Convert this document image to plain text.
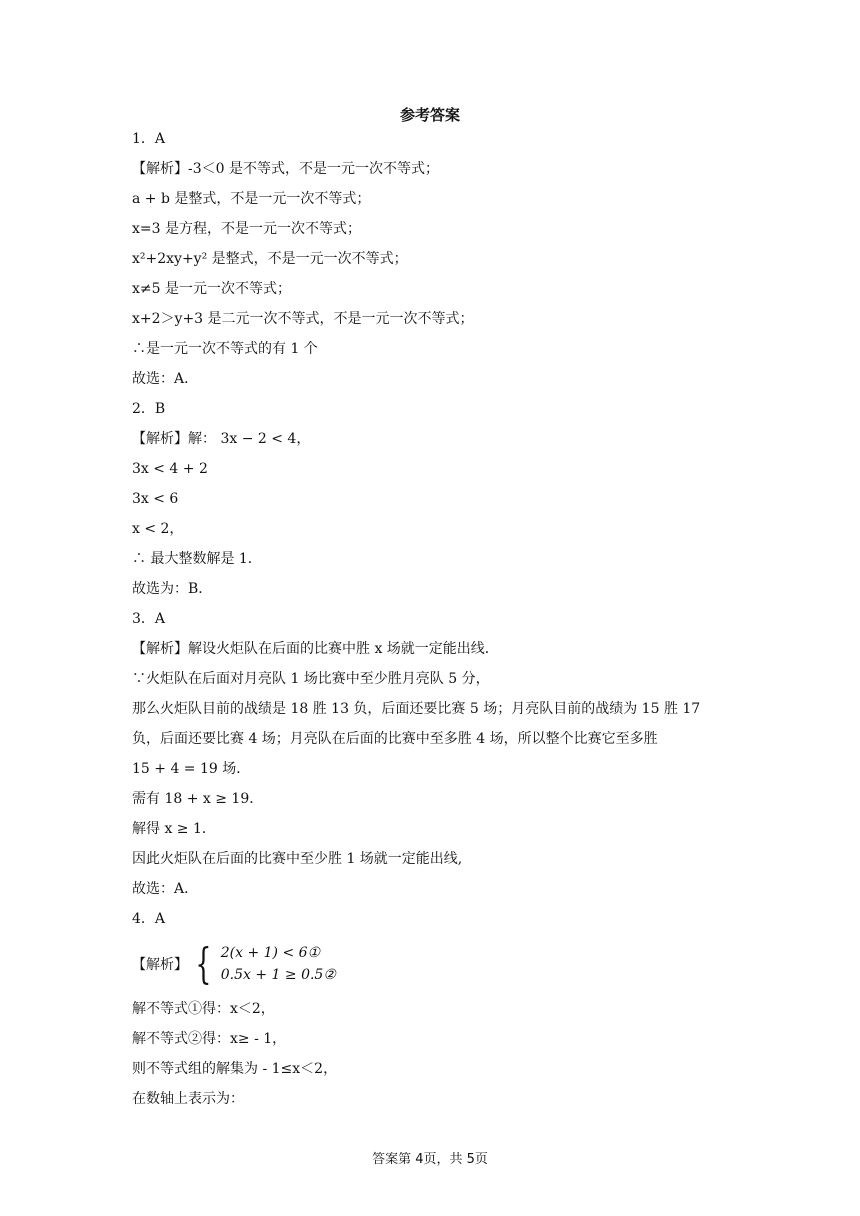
参考答案
1．A
【解析】-3＜0 是不等式，不是一元一次不等式；
a + b 是整式，不是一元一次不等式；
x=3 是方程，不是一元一次不等式；
x²+2xy+y² 是整式，不是一元一次不等式；
x≠5 是一元一次不等式；
x+2＞y+3 是二元一次不等式，不是一元一次不等式；
∴是一元一次不等式的有 1 个
故选：A．
2．B
【解析】解： 3x − 2 < 4，
3x < 4 + 2
3x < 6
x < 2，
∴ 最大整数解是 1．
故选为：B．
3．A
【解析】解设火炬队在后面的比赛中胜 x 场就一定能出线．
∵火炬队在后面对月亮队 1 场比赛中至少胜月亮队 5 分，
那么火炬队目前的战绩是 18 胜 13 负，后面还要比赛 5 场；月亮队目前的战绩为 15 胜 17 负，后面还要比赛 4 场；月亮队在后面的比赛中至多胜 4 场，所以整个比赛它至多胜
15 + 4 = 19 场．
需有 18 + x ≥ 19．
解得 x ≥ 1．
因此火炬队在后面的比赛中至少胜 1 场就一定能出线,
故选：A．
4．A
【解析】 { 2(x + 1) < 6①
0.5x + 1 ≥ 0.5②
解不等式①得：x＜2，
解不等式②得：x≥ - 1，
则不等式组的解集为 - 1≤x＜2，
在数轴上表示为：
答案第 4页，共 5页
